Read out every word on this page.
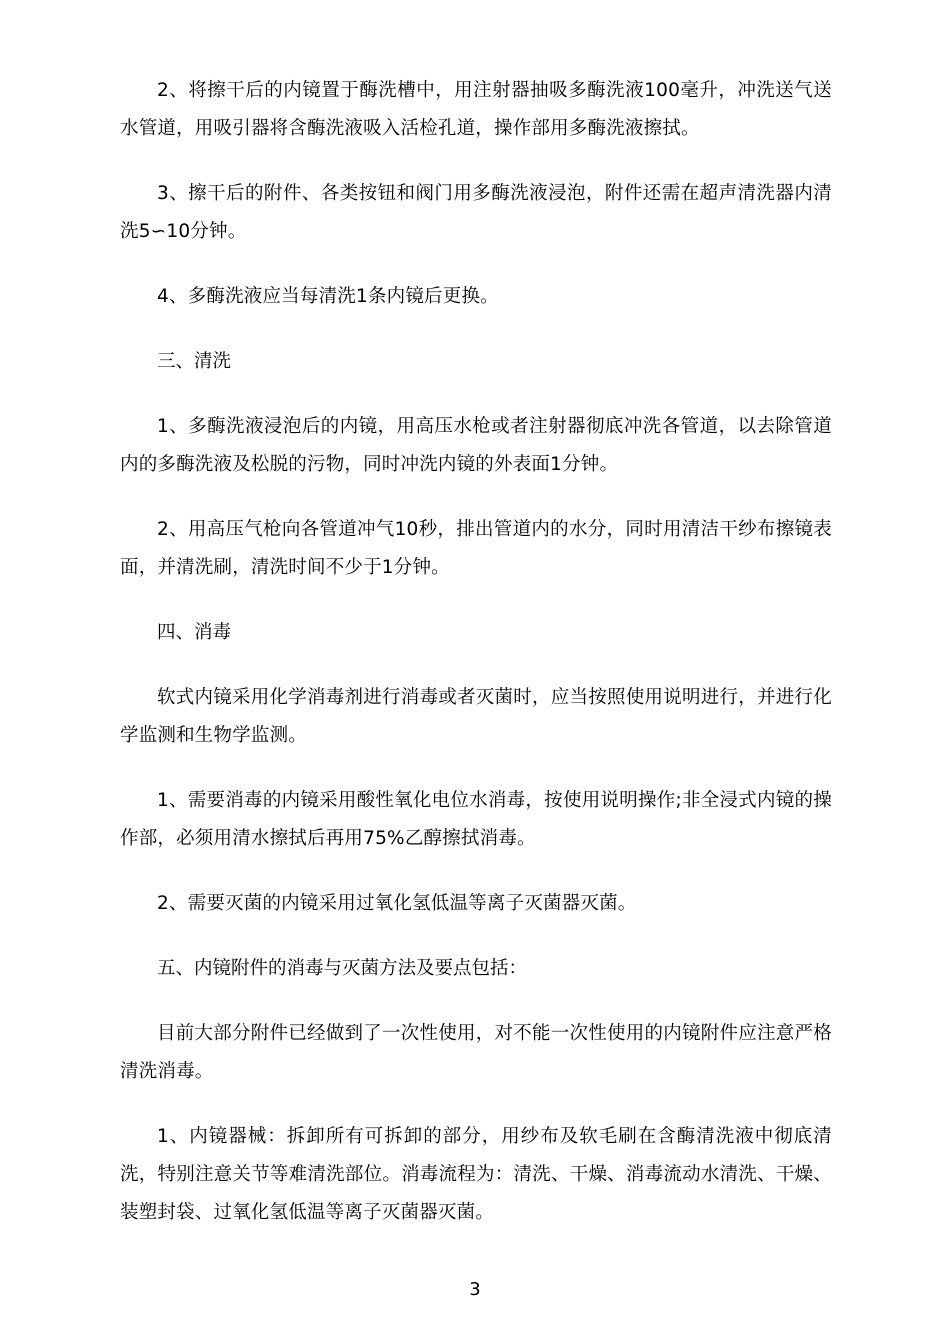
2、将擦干后的内镜置于酶洗槽中，用注射器抽吸多酶洗液100毫升，冲洗送气送水管道，用吸引器将含酶洗液吸入活检孔道，操作部用多酶洗液擦拭。

3、擦干后的附件、各类按钮和阀门用多酶洗液浸泡，附件还需在超声清洗器内清洗5∽10分钟。

4、多酶洗液应当每清洗1条内镜后更换。

三、清洗

1、多酶洗液浸泡后的内镜，用高压水枪或者注射器彻底冲洗各管道，以去除管道内的多酶洗液及松脱的污物，同时冲洗内镜的外表面1分钟。

2、用高压气枪向各管道冲气10秒，排出管道内的水分，同时用清洁干纱布擦镜表面，并清洗刷，清洗时间不少于1分钟。

四、消毒

软式内镜采用化学消毒剂进行消毒或者灭菌时，应当按照使用说明进行，并进行化学监测和生物学监测。

1、需要消毒的内镜采用酸性氧化电位水消毒，按使用说明操作;非全浸式内镜的操作部，必须用清水擦拭后再用75%乙醇擦拭消毒。

2、需要灭菌的内镜采用过氧化氢低温等离子灭菌器灭菌。

五、内镜附件的消毒与灭菌方法及要点包括：

目前大部分附件已经做到了一次性使用，对不能一次性使用的内镜附件应注意严格清洗消毒。

1、内镜器械：拆卸所有可拆卸的部分，用纱布及软毛刷在含酶清洗液中彻底清洗，特别注意关节等难清洗部位。消毒流程为：清洗、干燥、消毒流动水清洗、干燥、装塑封袋、过氧化氢低温等离子灭菌器灭菌。

3
